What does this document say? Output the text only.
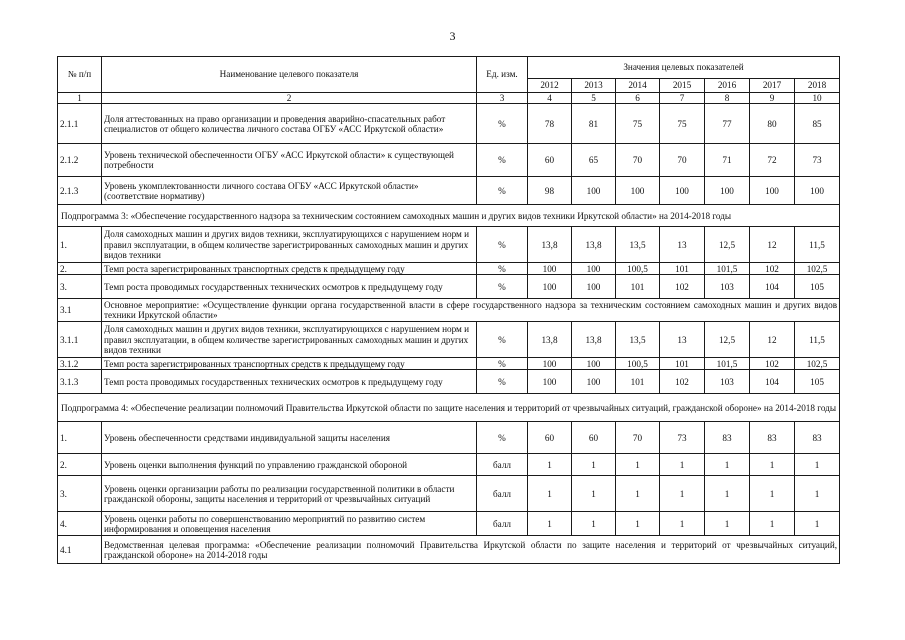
3
№ п/п	Наименование целевого показателя	Ед. изм.	Значения целевых показателей						
			2012	2013	2014	2015	2016	2017	2018
1	2	3	4	5	6	7	8	9	10
2.1.1	Доля аттестованных на право организации и проведения аварийно-спасательных работ специалистов от общего количества личного состава ОГБУ «АСС Иркутской области»	%	78	81	75	75	77	80	85
2.1.2	Уровень технической обеспеченности ОГБУ «АСС Иркутской области» к существующей потребности	%	60	65	70	70	71	72	73
2.1.3	Уровень укомплектованности личного состава ОГБУ «АСС Иркутской области» (соответствие нормативу)	%	98	100	100	100	100	100	100
Подпрограмма 3: «Обеспечение государственного надзора за техническим состоянием самоходных машин и других видов техники Иркутской области» на 2014-2018 годы									
1.	Доля самоходных машин и других видов техники, эксплуатирующихся с нарушением норм и правил эксплуатации, в общем количестве зарегистрированных самоходных машин и других видов техники	%	13,8	13,8	13,5	13	12,5	12	11,5
2.	Темп роста зарегистрированных транспортных средств к предыдущему году	%	100	100	100,5	101	101,5	102	102,5
3.	Темп роста проводимых государственных технических осмотров к предыдущему году	%	100	100	101	102	103	104	105
3.1	Основное мероприятие: «Осуществление функции органа государственной власти в сфере государственного надзора за техническим состоянием самоходных машин и других видов техники Иркутской области»								
3.1.1	Доля самоходных машин и других видов техники, эксплуатирующихся с нарушением норм и правил эксплуатации, в общем количестве зарегистрированных самоходных машин и других видов техники	%	13,8	13,8	13,5	13	12,5	12	11,5
3.1.2	Темп роста зарегистрированных транспортных средств к предыдущему году	%	100	100	100,5	101	101,5	102	102,5
3.1.3	Темп роста проводимых государственных технических осмотров к предыдущему году	%	100	100	101	102	103	104	105
Подпрограмма 4: «Обеспечение реализации полномочий Правительства Иркутской области по защите населения и территорий от чрезвычайных ситуаций, гражданской обороне» на 2014-2018 годы									
1.	Уровень обеспеченности средствами индивидуальной защиты населения	%	60	60	70	73	83	83	83
2.	Уровень оценки выполнения функций по управлению гражданской обороной	балл	1	1	1	1	1	1	1
3.	Уровень оценки организации работы по реализации государственной политики в области гражданской обороны, защиты населения и территорий от чрезвычайных ситуаций	балл	1	1	1	1	1	1	1
4.	Уровень оценки работы по совершенствованию мероприятий по развитию систем информирования и оповещения населения	балл	1	1	1	1	1	1	1
4.1	Ведомственная целевая программа: «Обеспечение реализации полномочий Правительства Иркутской области по защите населения и территорий от чрезвычайных ситуаций, гражданской обороне» на 2014-2018 годы								
